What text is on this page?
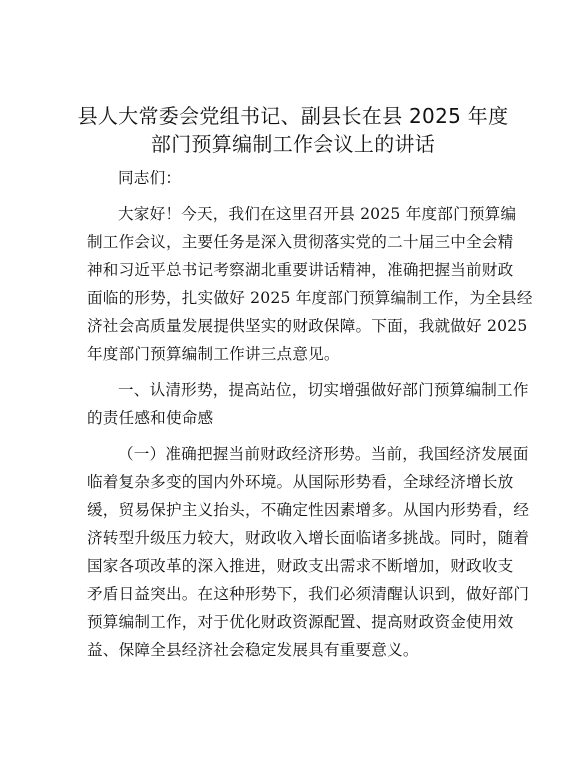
县人大常委会党组书记、副县长在县 2025 年度
部门预算编制工作会议上的讲话

同志们：

大家好！今天，我们在这里召开县 2025 年度部门预算编
制工作会议，主要任务是深入贯彻落实党的二十届三中全会精
神和习近平总书记考察湖北重要讲话精神，准确把握当前财政
面临的形势，扎实做好 2025 年度部门预算编制工作，为全县经
济社会高质量发展提供坚实的财政保障。下面，我就做好 2025
年度部门预算编制工作讲三点意见。

一、认清形势，提高站位，切实增强做好部门预算编制工作
的责任感和使命感

（一）准确把握当前财政经济形势。当前，我国经济发展面
临着复杂多变的国内外环境。从国际形势看，全球经济增长放
缓，贸易保护主义抬头，不确定性因素增多。从国内形势看，经
济转型升级压力较大，财政收入增长面临诸多挑战。同时，随着
国家各项改革的深入推进，财政支出需求不断增加，财政收支
矛盾日益突出。在这种形势下，我们必须清醒认识到，做好部门
预算编制工作，对于优化财政资源配置、提高财政资金使用效
益、保障全县经济社会稳定发展具有重要意义。
